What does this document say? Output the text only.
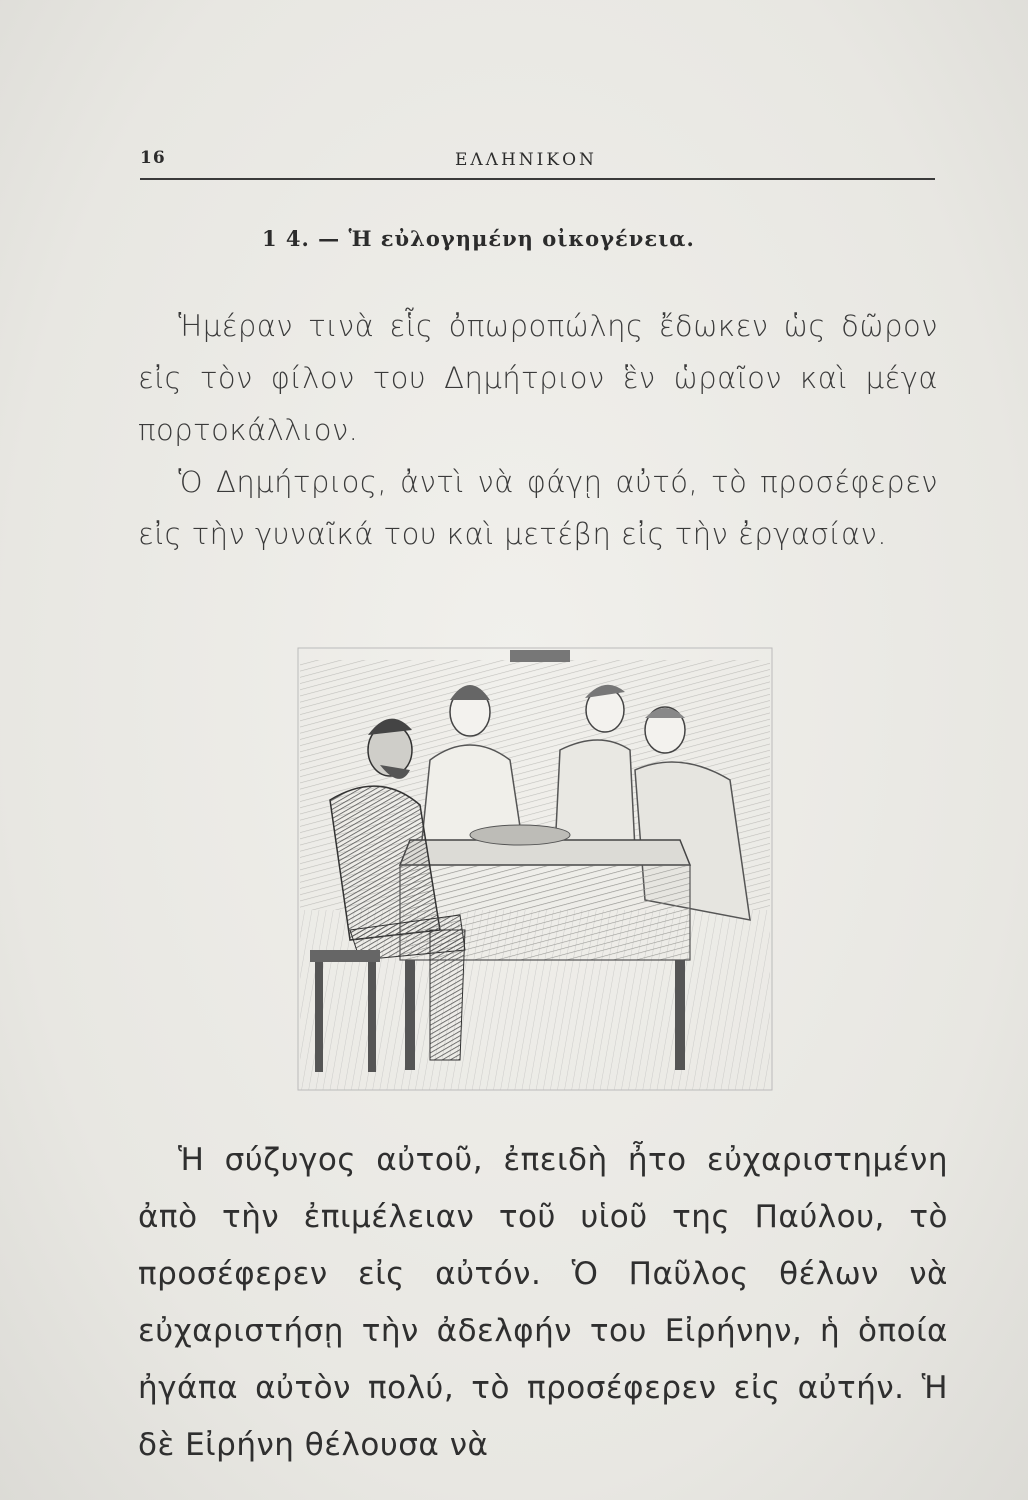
16	ΕΛΛΗΝΙΚΟΝ
1 4. — Ἡ εὐλογημένη οἰκογένεια.

Ἡμέραν τινὰ εἷς ὀπωροπώλης ἔδωκεν ὡς δῶρον εἰς τὸν φίλον του Δημήτριον ἓν ὡραῖον καὶ μέγα πορτοκάλλιον.

Ὁ Δημήτριος, ἀντὶ νὰ φάγῃ αὐτό, τὸ προσέφερεν εἰς τὴν γυναῖκά του καὶ μετέβη εἰς τὴν ἐργασίαν.

Ἡ σύζυγος αὐτοῦ, ἐπειδὴ ἦτο εὐχαριστημένη ἀπὸ τὴν ἐπιμέλειαν τοῦ υἱοῦ της Παύλου, τὸ προσέφερεν εἰς αὐτόν. Ὁ Παῦλος θέλων νὰ εὐχαριστήσῃ τὴν ἀδελφήν του Εἰρήνην, ἡ ὁποία ἠγάπα αὐτὸν πολύ, τὸ προσέφερεν εἰς αὐτήν. Ἡ δὲ Εἰρήνη θέλουσα νὰ
